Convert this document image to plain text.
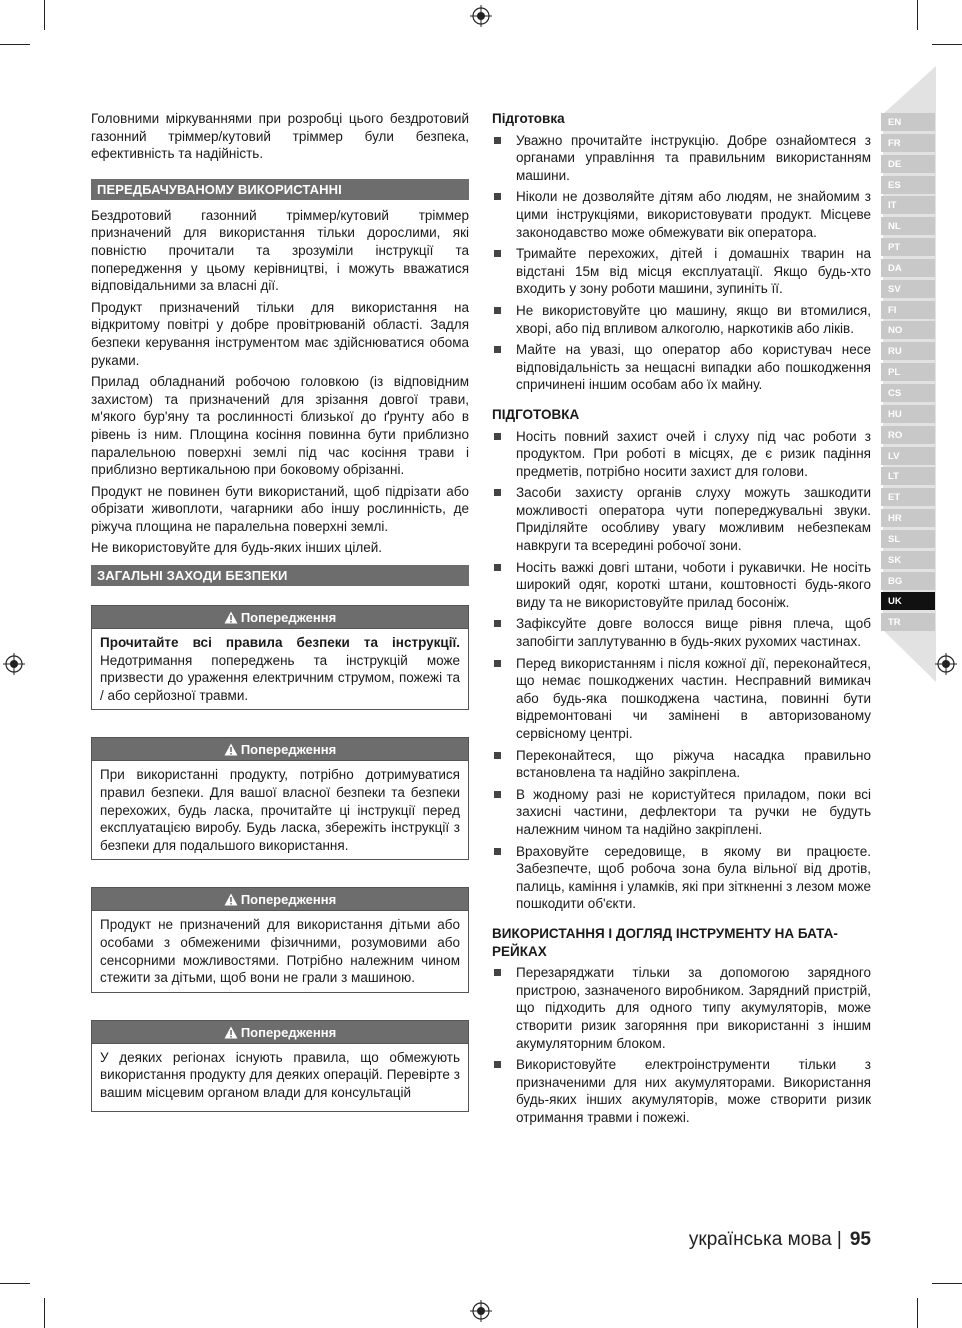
Головними міркуваннями при розробці цього бездротовий газонний тріммер/кутовий тріммер були безпека, ефективність та надійність.

ПЕРЕДБАЧУВАНОМУ ВИКОРИСТАННІ

Бездротовий газонний тріммер/кутовий тріммер призначений для використання тільки дорослими, які повністю прочитали та зрозуміли інструкції та попередження у цьому керівництві, і можуть вважатися відповідальними за власні дії.

Продукт призначений тільки для використання на відкритому повітрі у добре провітрюваній області. Задля безпеки керування інструментом має здійснюватися обома руками.

Прилад обладнаний робочою головкою (із відповідним захистом) та призначений для зрізання довгої трави, м'якого бур'яну та рослинності близької до ґрунту або в рівень із ним. Площина косіння повинна бути приблизно паралельною поверхні землі під час косіння трави і приблизно вертикальною при боковому обрізанні.

Продукт не повинен бути використаний, щоб підрізати або обрізати живоплоти, чагарники або іншу рослинність, де ріжуча площина не паралельна поверхні землі.

Не використовуйте для будь-яких інших цілей.

ЗАГАЛЬНІ ЗАХОДИ БЕЗПЕКИ
Попередження
Прочитайте всі правила безпеки та інструкції. Недотримання попереджень та інструкцій може призвести до ураження електричним струмом, пожежі та / або серйозної травми.
Попередження
При використанні продукту, потрібно дотримуватися правил безпеки. Для вашої власної безпеки та безпеки перехожих, будь ласка, прочитайте ці інструкції перед експлуатацією виробу. Будь ласка, збережіть інструкції з безпеки для подальшого використання.
Попередження
Продукт не призначений для використання дітьми або особами з обмеженими фізичними, розумовими або сенсорними можливостями. Потрібно належним чином стежити за дітьми, щоб вони не грали з машиною.
Попередження
У деяких регіонах існують правила, що обмежують використання продукту для деяких операцій. Перевірте з вашим місцевим органом влади для консультацій
Підготовка
Уважно прочитайте інструкцію. Добре ознайомтеся з органами управління та правильним використанням машини.
Ніколи не дозволяйте дітям або людям, не знайомим з цими інструкціями, використовувати продукт. Місцеве законодавство може обмежувати вік оператора.
Тримайте перехожих, дітей і домашніх тварин на відстані 15м від місця експлуатації. Якщо будь-хто входить у зону роботи машини, зупиніть її.
Не використовуйте цю машину, якщо ви втомилися, хворі, або під впливом алкоголю, наркотиків або ліків.
Майте на увазі, що оператор або користувач несе відповідальність за нещасні випадки або пошкодження спричинені іншим особам або їх майну.
ПІДГОТОВКА
Носіть повний захист очей і слуху під час роботи з продуктом. При роботі в місцях, де є ризик падіння предметів, потрібно носити захист для голови.
Засоби захисту органів слуху можуть зашкодити можливості оператора чути попереджувальні звуки. Приділяйте особливу увагу можливим небезпекам навкруги та всередині робочої зони.
Носіть важкі довгі штани, чоботи і рукавички. Не носіть широкий одяг, короткі штани, коштовності будь-якого виду та не використовуйте прилад босоніж.
Зафіксуйте довге волосся вище рівня плеча, щоб запобігти заплутуванню в будь-яких рухомих частинах.
Перед використанням і після кожної дії, переконайтеся, що немає пошкоджених частин. Несправний вимикач або будь-яка пошкоджена частина, повинні бути відремонтовані чи замінені в авторизованому сервісному центрі.
Переконайтеся, що ріжуча насадка правильно встановлена та надійно закріплена.
В жодному разі не користуйтеся приладом, поки всі захисні частини, дефлектори та ручки не будуть належним чином та надійно закріплені.
Враховуйте середовище, в якому ви працюєте. Забезпечте, щоб робоча зона була вільної від дротів, палиць, каміння і уламків, які при зіткненні з лезом може пошкодити об'єкти.
ВИКОРИСТАННЯ І ДОГЛЯД ІНСТРУМЕНТУ НА БАТА-РЕЙКАХ
Перезаряджати тільки за допомогою зарядного пристрою, зазначеного виробником. Зарядний пристрій, що підходить для одного типу акумуляторів, може створити ризик загоряння при використанні з іншим акумуляторним блоком.
Використовуйте електроінструменти тільки з призначеними для них акумуляторами. Використання будь-яких інших акумуляторів, може створити ризик отримання травми і пожежі.
EN
FR
DE
ES
IT
NL
PT
DA
SV
FI
NO
RU
PL
CS
HU
RO
LV
LT
ET
HR
SL
SK
BG
UK
TR
українська мова | 95
